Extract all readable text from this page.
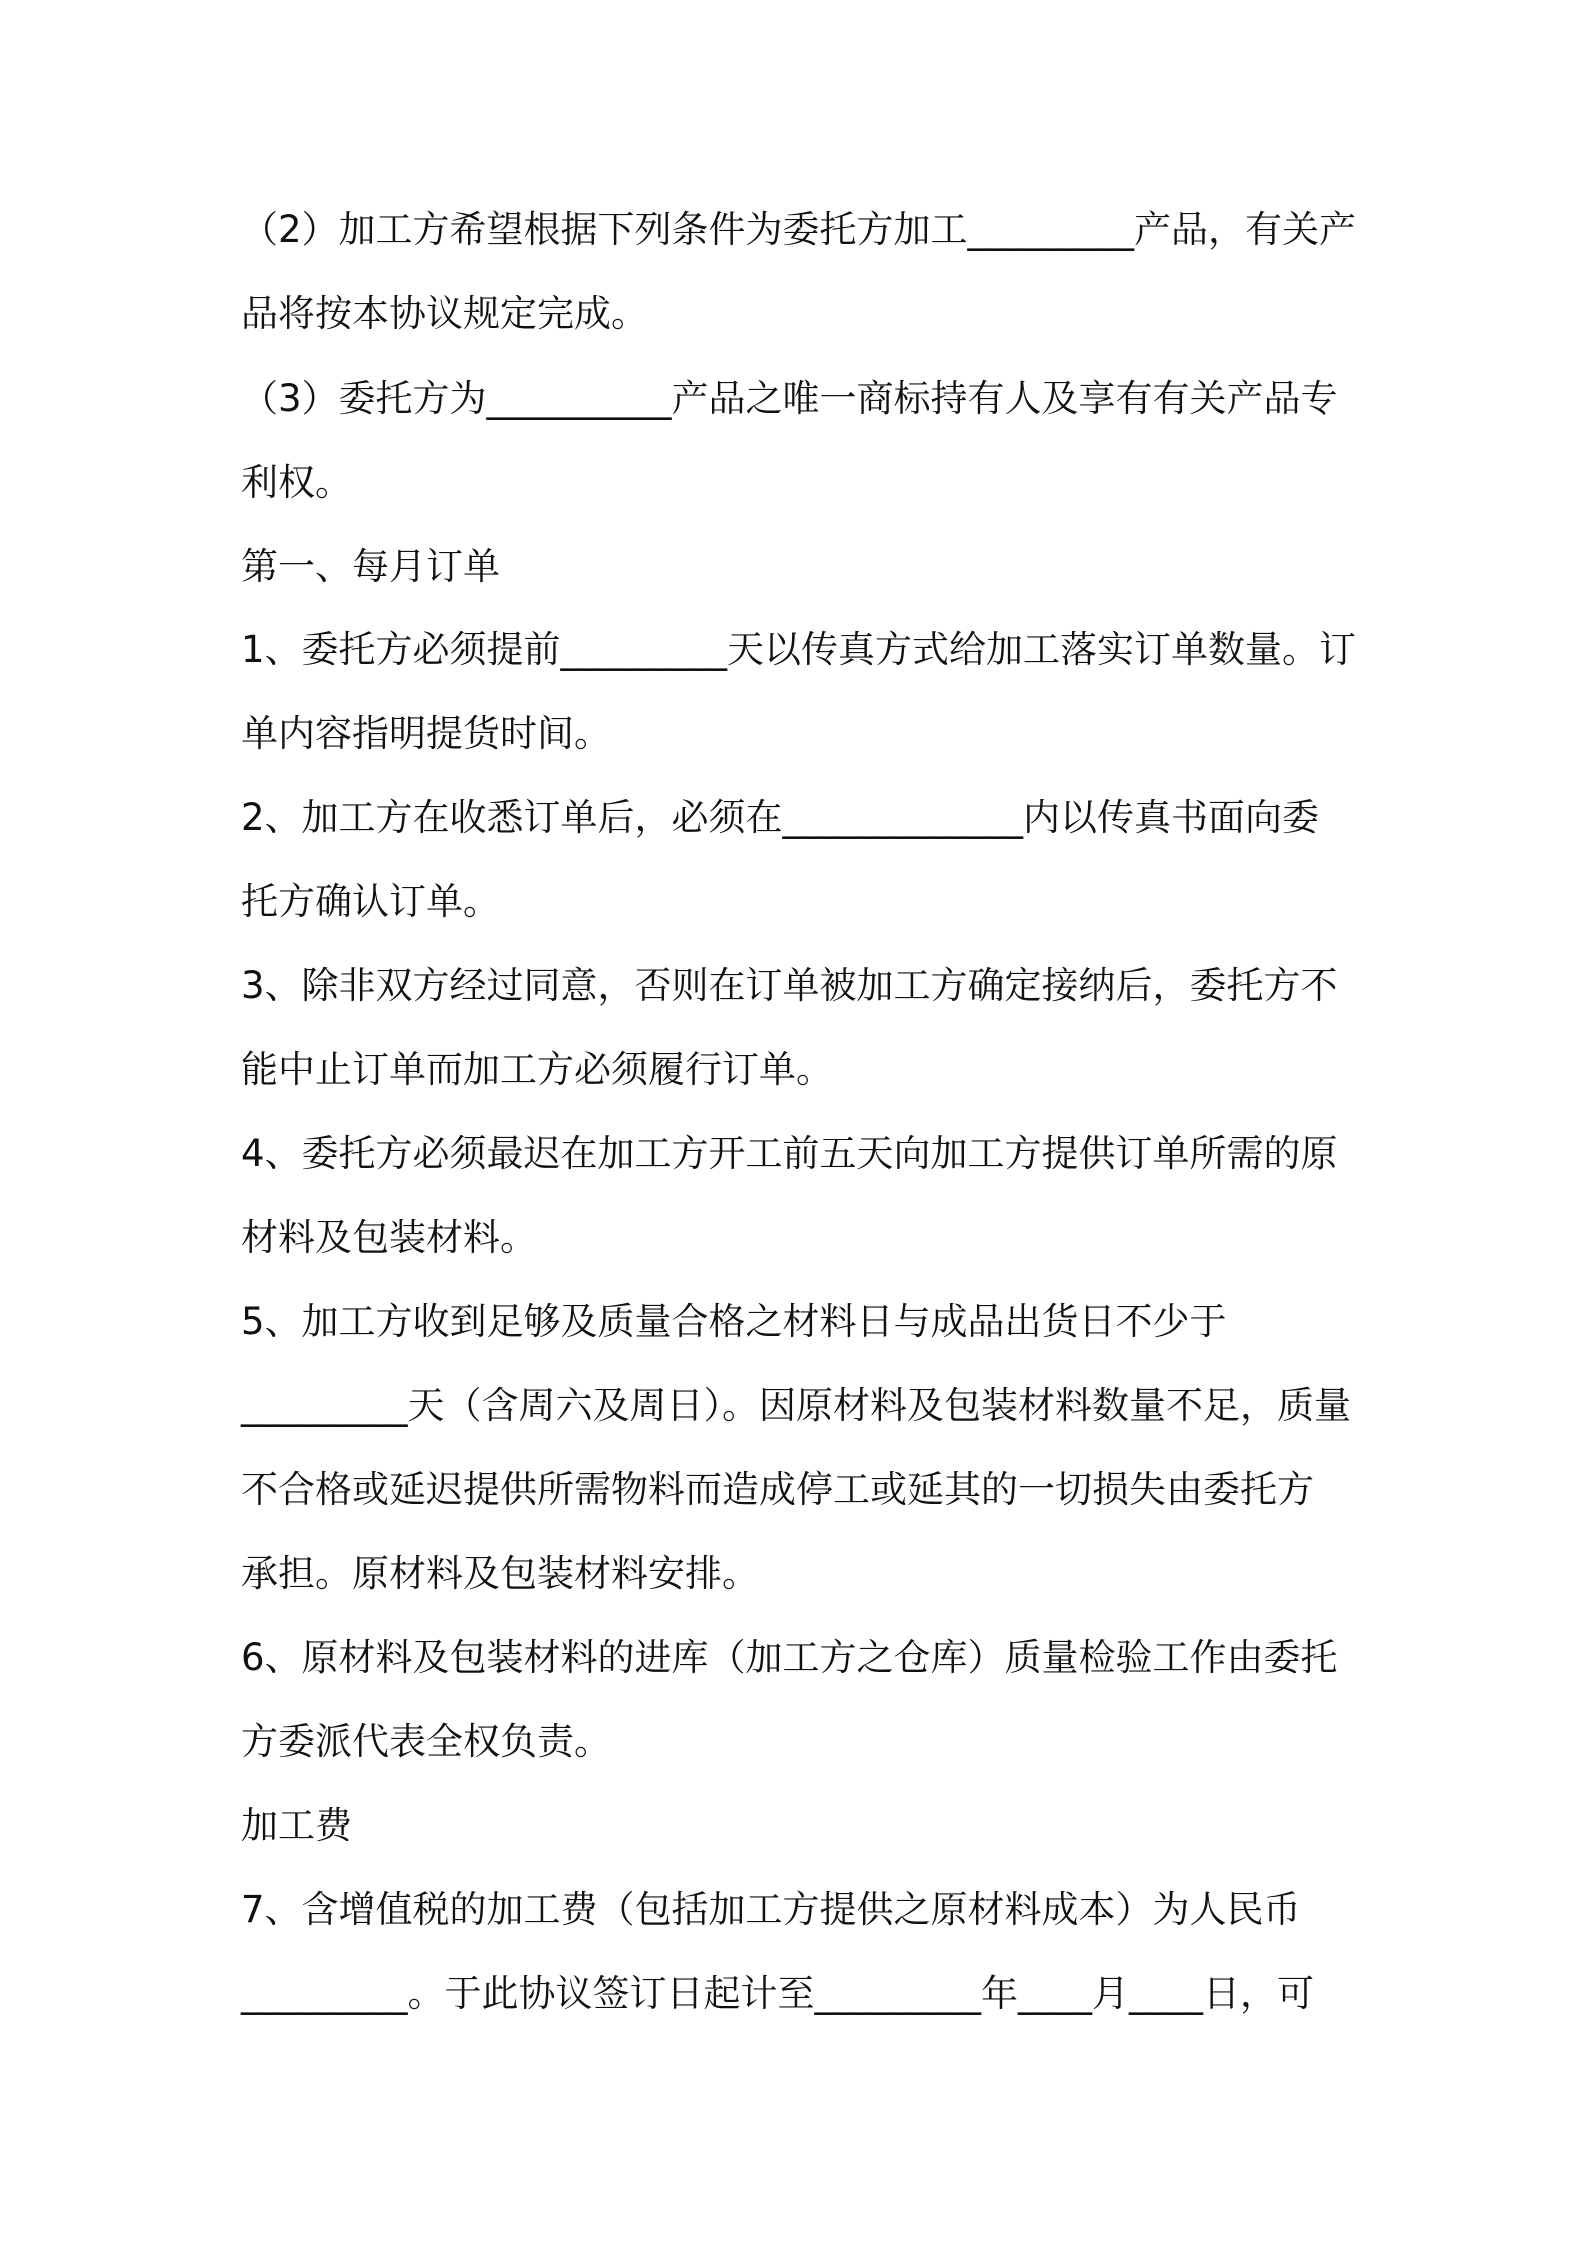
（2）加工方希望根据下列条件为委托方加工_________产品，有关产
品将按本协议规定完成。
（3）委托方为__________产品之唯一商标持有人及享有有关产品专
利权。
第一、每月订单
1、委托方必须提前_________天以传真方式给加工落实订单数量。订
单内容指明提货时间。
2、加工方在收悉订单后，必须在_____________内以传真书面向委
托方确认订单。
3、除非双方经过同意，否则在订单被加工方确定接纳后，委托方不
能中止订单而加工方必须履行订单。
4、委托方必须最迟在加工方开工前五天向加工方提供订单所需的原
材料及包装材料。
5、加工方收到足够及质量合格之材料日与成品出货日不少于
_________天（含周六及周日）。因原材料及包装材料数量不足，质量
不合格或延迟提供所需物料而造成停工或延其的一切损失由委托方
承担。原材料及包装材料安排。
6、原材料及包装材料的进库（加工方之仓库）质量检验工作由委托
方委派代表全权负责。
加工费
7、含增值税的加工费（包括加工方提供之原材料成本）为人民币
_________。于此协议签订日起计至_________年____月____日，可
